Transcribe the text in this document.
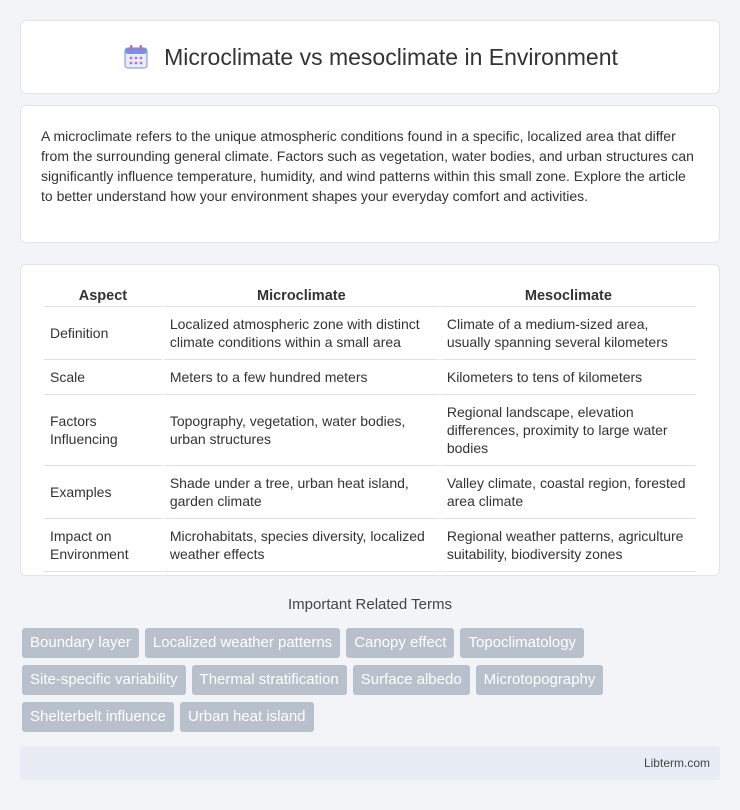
Microclimate vs mesoclimate in Environment

A microclimate refers to the unique atmospheric conditions found in a specific, localized area that differ from the surrounding general climate. Factors such as vegetation, water bodies, and urban structures can significantly influence temperature, humidity, and wind patterns within this small zone. Explore the article to better understand how your environment shapes your everyday comfort and activities.

Aspect	Microclimate	Mesoclimate
Definition	Localized atmospheric zone with distinct climate conditions within a small area	Climate of a medium-sized area, usually spanning several kilometers
Scale	Meters to a few hundred meters	Kilometers to tens of kilometers
Factors Influencing	Topography, vegetation, water bodies, urban structures	Regional landscape, elevation differences, proximity to large water bodies
Examples	Shade under a tree, urban heat island, garden climate	Valley climate, coastal region, forested area climate
Impact on Environment	Microhabitats, species diversity, localized weather effects	Regional weather patterns, agriculture suitability, biodiversity zones
Important Related Terms
Boundary layer	Localized weather patterns	Canopy effect	Topoclimatology
Site-specific variability	Thermal stratification	Surface albedo	Microtopography
Shelterbelt influence	Urban heat island
Libterm.com
